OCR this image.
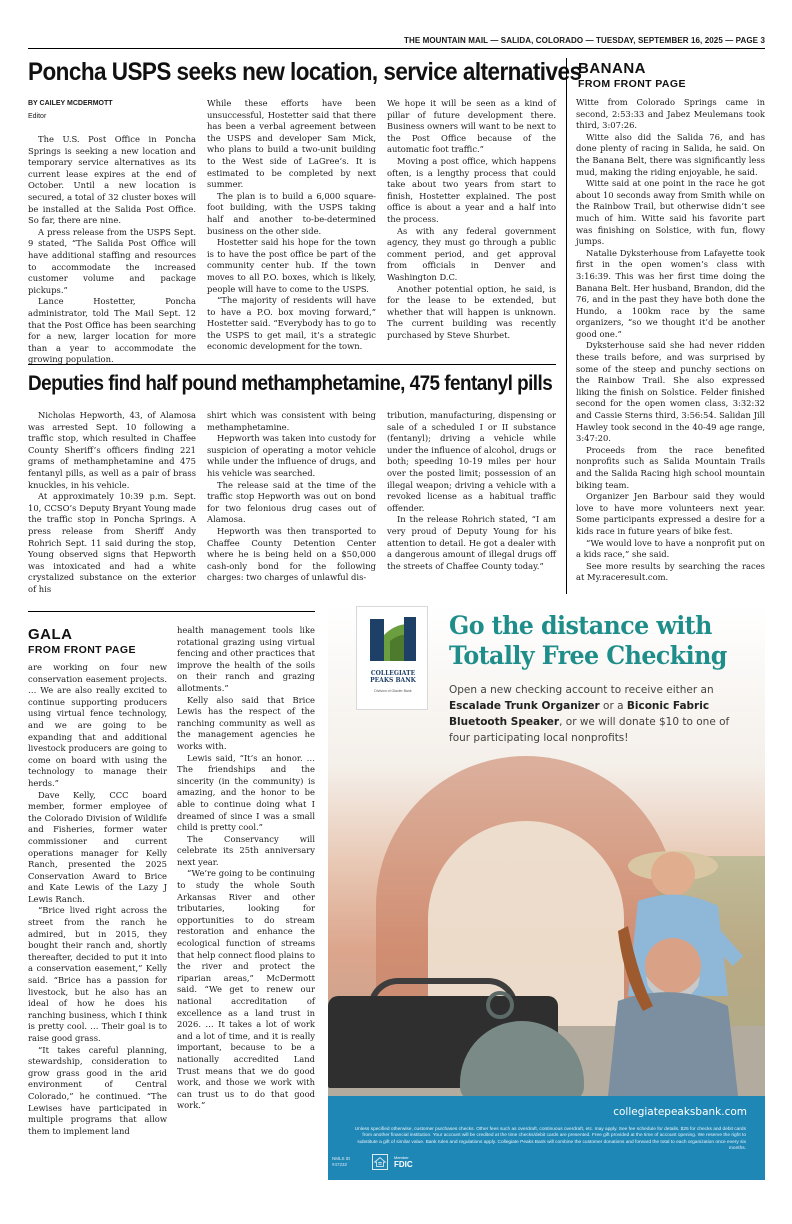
THE MOUNTAIN MAIL — SALIDA, COLORADO — TUESDAY, SEPTEMBER 16, 2025 — PAGE 3
Poncha USPS seeks new location, service alternatives
BY CAILEY MCDERMOTT
Editor

The U.S. Post Office in Poncha Springs is seeking a new location and temporary service alternatives as its current lease expires at the end of October. Until a new location is secured, a total of 32 cluster boxes will be installed at the Salida Post Office. So far, there are nine.

A press release from the USPS Sept. 9 stated, “The Salida Post Office will have additional staffing and resources to accommodate the increased customer volume and package pickups.”

Lance Hostetter, Poncha administrator, told The Mail Sept. 12 that the Post Office has been searching for a new, larger location for more than a year to accommodate the growing population.

While these efforts have been unsuccessful, Hostetter said that there has been a verbal agreement between the USPS and developer Sam Mick, who plans to build a two-unit building to the West side of LaGree’s. It is estimated to be completed by next summer.

The plan is to build a 6,000 square-foot building, with the USPS taking half and another to-be-determined business on the other side.

Hostetter said his hope for the town is to have the post office be part of the community center hub. If the town moves to all P.O. boxes, which is likely, people will have to come to the USPS.

“The majority of residents will have to have a P.O. box moving forward,” Hostetter said. “Everybody has to go to the USPS to get mail, it’s a strategic economic development for the town.

We hope it will be seen as a kind of pillar of future development there. Business owners will want to be next to the Post Office because of the automatic foot traffic.”

Moving a post office, which happens often, is a lengthy process that could take about two years from start to finish, Hostetter explained. The post office is about a year and a half into the process.

As with any federal government agency, they must go through a public comment period, and get approval from officials in Denver and Washington D.C.

Another potential option, he said, is for the lease to be extended, but whether that will happen is unknown. The current building was recently purchased by Steve Shurbet.

Deputies find half pound methamphetamine, 475 fentanyl pills

Nicholas Hepworth, 43, of Alamosa was arrested Sept. 10 following a traffic stop, which resulted in Chaffee County Sheriff’s officers finding 221 grams of methamphetamine and 475 fentanyl pills, as well as a pair of brass knuckles, in his vehicle.

At approximately 10:39 p.m. Sept. 10, CCSO’s Deputy Bryant Young made the traffic stop in Poncha Springs. A press release from Sheriff Andy Rohrich Sept. 11 said during the stop, Young observed signs that Hepworth was intoxicated and had a white crystalized substance on the exterior of his

shirt which was consistent with being methamphetamine.

Hepworth was taken into custody for suspicion of operating a motor vehicle while under the influence of drugs, and his vehicle was searched.

The release said at the time of the traffic stop Hepworth was out on bond for two felonious drug cases out of Alamosa.

Hepworth was then transported to Chaffee County Detention Center where he is being held on a $50,000 cash-only bond for the following charges: two charges of unlawful dis-

tribution, manufacturing, dispensing or sale of a scheduled I or II substance (fentanyl); driving a vehicle while under the influence of alcohol, drugs or both; speeding 10-19 miles per hour over the posted limit; possession of an illegal weapon; driving a vehicle with a revoked license as a habitual traffic offender.

In the release Rohrich stated, “I am very proud of Deputy Young for his attention to detail. He got a dealer with a dangerous amount of illegal drugs off the streets of Chaffee County today.”

BANANA
FROM FRONT PAGE

Witte from Colorado Springs came in second, 2:53:33 and Jabez Meulemans took third, 3:07:26.

Witte also did the Salida 76, and has done plenty of racing in Salida, he said. On the Banana Belt, there was significantly less mud, making the riding enjoyable, he said.

Witte said at one point in the race he got about 10 seconds away from Smith while on the Rainbow Trail, but otherwise didn’t see much of him. Witte said his favorite part was finishing on Solstice, with fun, flowy jumps.

Natalie Dyksterhouse from Lafayette took first in the open women’s class with 3:16:39. This was her first time doing the Banana Belt. Her husband, Brandon, did the 76, and in the past they have both done the Hundo, a 100km race by the same organizers, “so we thought it’d be another good one.”

Dyksterhouse said she had never ridden these trails before, and was surprised by some of the steep and punchy sections on the Rainbow Trail. She also expressed liking the finish on Solstice. Felder finished second for the open women class, 3:32:32 and Cassie Sterns third, 3:56:54. Salidan Jill Hawley took second in the 40-49 age range, 3:47:20.

Proceeds from the race benefited nonprofits such as Salida Mountain Trails and the Salida Racing high school mountain biking team.

Organizer Jen Barbour said they would love to have more volunteers next year. Some participants expressed a desire for a kids race in future years of bike fest.

“We would love to have a nonprofit put on a kids race,” she said.

See more results by searching the races at My.raceresult.com.

GALA
FROM FRONT PAGE

are working on four new conservation easement projects. … We are also really excited to continue supporting producers using virtual fence technology, and we are going to be expanding that and additional livestock producers are going to come on board with using the technology to manage their herds.”

Dave Kelly, CCC board member, former employee of the Colorado Division of Wildlife and Fisheries, former water commissioner and current operations manager for Kelly Ranch, presented the 2025 Conservation Award to Brice and Kate Lewis of the Lazy J Lewis Ranch.

“Brice lived right across the street from the ranch he admired, but in 2015, they bought their ranch and, shortly thereafter, decided to put it into a conservation easement,” Kelly said. “Brice has a passion for livestock, but he also has an ideal of how he does his ranching business, which I think is pretty cool. … Their goal is to raise good grass.

“It takes careful planning, stewardship, consideration to grow grass good in the arid environment of Central Colorado,” he continued. “The Lewises have participated in multiple programs that allow them to implement land

health management tools like rotational grazing using virtual fencing and other practices that improve the health of the soils on their ranch and grazing allotments.”

Kelly also said that Brice Lewis has the respect of the ranching community as well as the management agencies he works with.

Lewis said, “It’s an honor. … The friendships and the sincerity (in the community) is amazing, and the honor to be able to continue doing what I dreamed of since I was a small child is pretty cool.”

The Conservancy will celebrate its 25th anniversary next year.

“We’re going to be continuing to study the whole South Arkansas River and other tributaries, looking for opportunities to do stream restoration and enhance the ecological function of streams that help connect flood plains to the river and protect the riparian areas,” McDermott said. “We get to renew our national accreditation of excellence as a land trust in 2026. … It takes a lot of work and a lot of time, and it is really important, because to be a nationally accredited Land Trust means that we do good work, and those we work with can trust us to do that good work.”

COLLEGIATE
PEAKS BANK
Division of Glacier Bank
Go the distance with
Totally Free Checking
Open a new checking account to receive either an Escalade Trunk Organizer or a Biconic Fabric Bluetooth Speaker, or we will donate $10 to one of four participating local nonprofits!
collegiatepeaksbank.com
Unless specified otherwise, customer purchases checks. Other fees such as overdraft, continuous overdraft, etc. may apply. See fee schedule for details. $25 for checks and debit cards from another financial institution. Your account will be credited at the time checks/debit cards are presented. Free gift provided at the time of account opening. We reserve the right to substitute a gift of similar value. Bank rules and regulations apply. Collegiate Peaks Bank will combine the customer donations and forward the total to each organization once every six months.
NMLS ID
#47232
Member
FDIC
